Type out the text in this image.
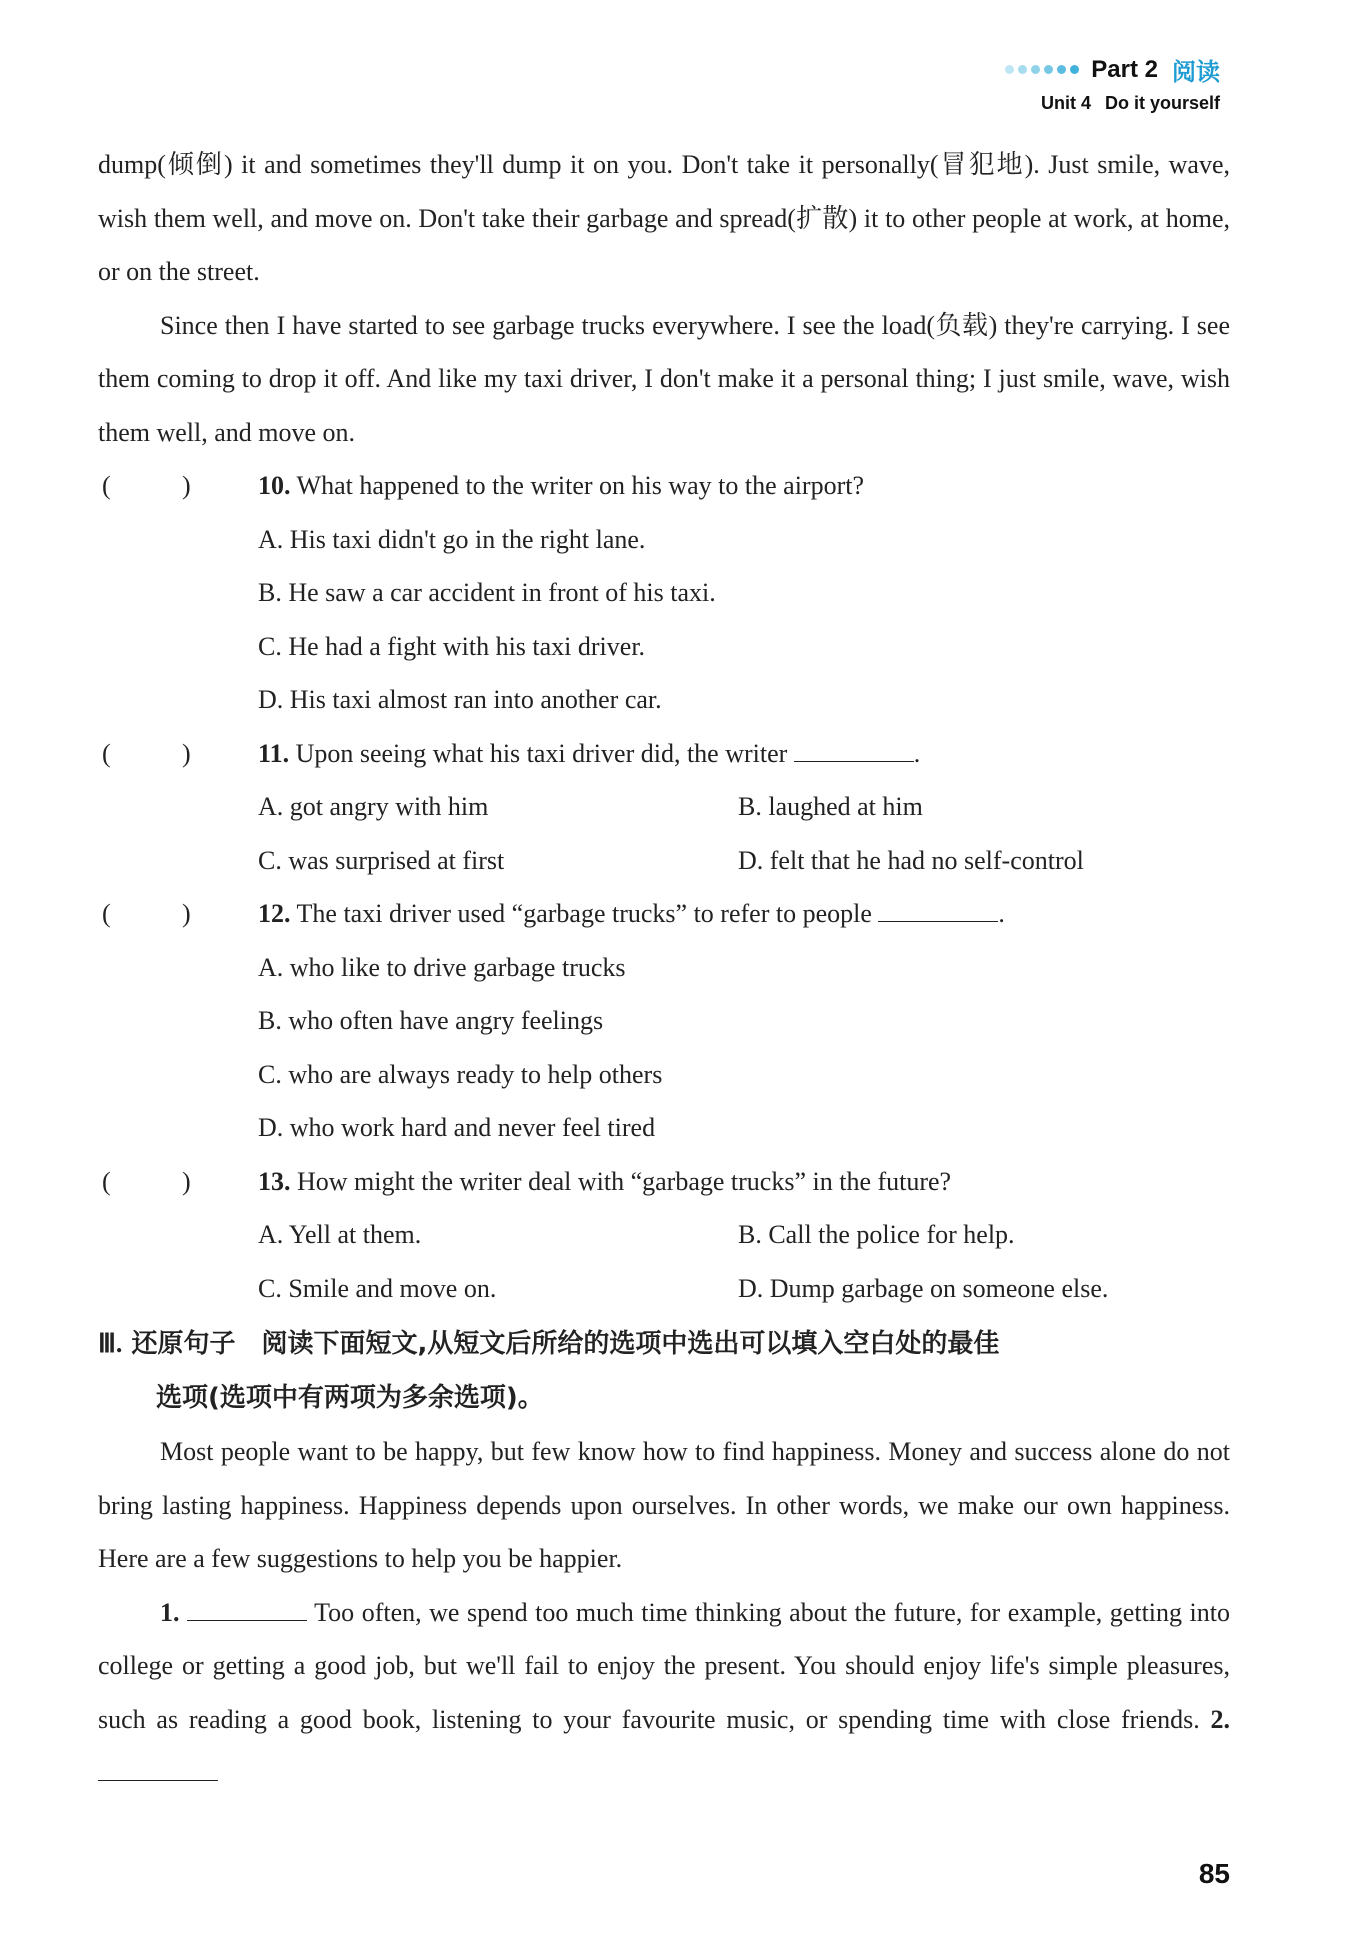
Part 2 阅读
Unit 4 Do it yourself

dump(倾倒) it and sometimes they'll dump it on you. Don't take it personally(冒犯地). Just smile, wave, wish them well, and move on. Don't take their garbage and spread(扩散) it to other people at work, at home, or on the street.

Since then I have started to see garbage trucks everywhere. I see the load(负载) they're carrying. I see them coming to drop it off. And like my taxi driver, I don't make it a personal thing; I just smile, wave, wish them well, and move on.

(	)	10. What happened to the writer on his way to the airport?
A. His taxi didn't go in the right lane.
B. He saw a car accident in front of his taxi.
C. He had a fight with his taxi driver.
D. His taxi almost ran into another car.
(	)	11. Upon seeing what his taxi driver did, the writer	.
A. got angry with him	B. laughed at him
C. was surprised at first	D. felt that he had no self-control
(	)	12. The taxi driver used “garbage trucks” to refer to people	.
A. who like to drive garbage trucks
B. who often have angry feelings
C. who are always ready to help others
D. who work hard and never feel tired
(	)	13. How might the writer deal with “garbage trucks” in the future?
A. Yell at them.	B. Call the police for help.
C. Smile and move on.	D. Dump garbage on someone else.
Ⅲ. 还原句子　阅读下面短文,从短文后所给的选项中选出可以填入空白处的最佳
选项(选项中有两项为多余选项)。

Most people want to be happy, but few know how to find happiness. Money and success alone do not bring lasting happiness. Happiness depends upon ourselves. In other words, we make our own happiness. Here are a few suggestions to help you be happier.

1.	Too often, we spend too much time thinking about the future, for example, getting into college or getting a good job, but we'll fail to enjoy the present. You should enjoy life's simple pleasures, such as reading a good book, listening to your favourite music, or spending time with close friends. 2.

85
